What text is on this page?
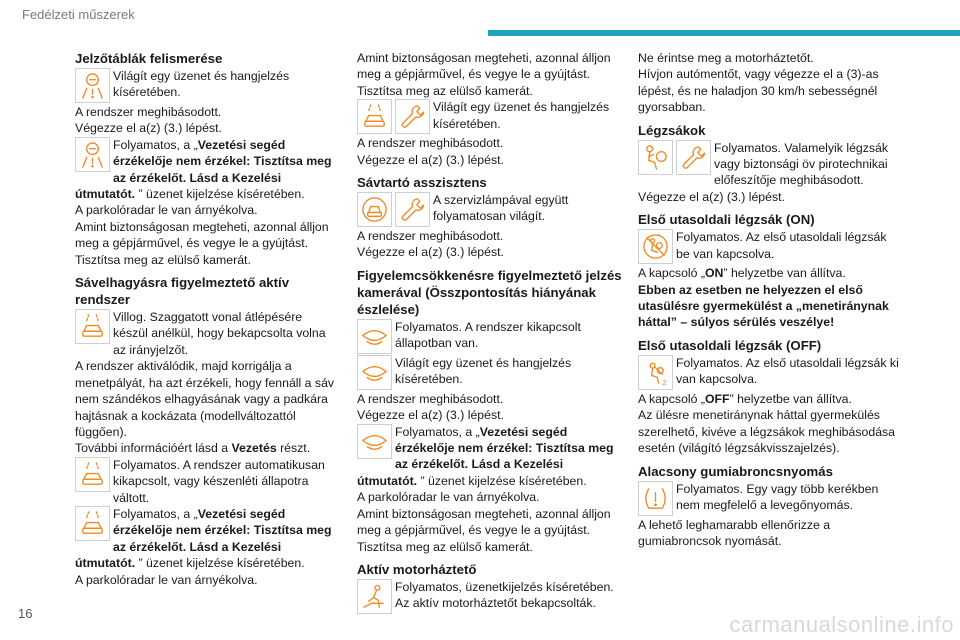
Fedélzeti műszerek
16	carmanualsonline.info
Jelzőtáblák felismerése
Világít egy üzenet és hangjelzés kíséretében.
A rendszer meghibásodott.
Végezze el a(z) (3.) lépést.
Folyamatos, a „Vezetési segéd érzékelője nem érzékel: Tisztítsa meg az érzékelőt. Lásd a Kezelési útmutatót. ” üzenet kijelzése kíséretében.
A parkolóradar le van árnyékolva.
Amint biztonságosan megteheti, azonnal álljon meg a gépjárművel, és vegye le a gyújtást.
Tisztítsa meg az elülső kamerát.
Sávelhagyásra figyelmeztető aktív rendszer
Villog. Szaggatott vonal átlépésére készül anélkül, hogy bekapcsolta volna az irányjelzőt.
A rendszer aktiválódik, majd korrigálja a menetpályát, ha azt érzékeli, hogy fennáll a sáv nem szándékos elhagyásának vagy a padkára hajtásnak a kockázata (modellváltozattól függően).
További információért lásd a Vezetés részt.
Folyamatos. A rendszer automatikusan kikapcsolt, vagy készenléti állapotra váltott.
Folyamatos, a „Vezetési segéd érzékelője nem érzékel: Tisztítsa meg az érzékelőt. Lásd a Kezelési útmutatót. ” üzenet kijelzése kíséretében.
A parkolóradar le van árnyékolva.
Amint biztonságosan megteheti, azonnal álljon meg a gépjárművel, és vegye le a gyújtást.
Tisztítsa meg az elülső kamerát.
Világít egy üzenet és hangjelzés kíséretében.
A rendszer meghibásodott.
Végezze el a(z) (3.) lépést.
Sávtartó asszisztens
A szervizlámpával együtt folyamatosan világít.
A rendszer meghibásodott.
Végezze el a(z) (3.) lépést.
Figyelemcsökkenésre figyelmeztető jelzés kamerával (Összpontosítás hiányának észlelése)
Folyamatos. A rendszer kikapcsolt állapotban van.
Világít egy üzenet és hangjelzés kíséretében.
A rendszer meghibásodott.
Végezze el a(z) (3.) lépést.
Folyamatos, a „Vezetési segéd érzékelője nem érzékel: Tisztítsa meg az érzékelőt. Lásd a Kezelési útmutatót. ” üzenet kijelzése kíséretében.
A parkolóradar le van árnyékolva.
Amint biztonságosan megteheti, azonnal álljon meg a gépjárművel, és vegye le a gyújtást.
Tisztítsa meg az elülső kamerát.
Aktív motorháztető
Folyamatos, üzenetkijelzés kíséretében. Az aktív motorháztetőt bekapcsolták.
Ne érintse meg a motorháztetőt.
Hívjon autómentőt, vagy végezze el a (3)-as lépést, és ne haladjon 30 km/h sebességnél gyorsabban.
Légzsákok
Folyamatos. Valamelyik légzsák vagy biztonsági öv pirotechnikai előfeszítője meghibásodott.
Végezze el a(z) (3.) lépést.
Első utasoldali légzsák (ON)
Folyamatos. Az első utasoldali légzsák be van kapcsolva.
A kapcsoló „ON” helyzetbe van állítva.
Ebben az esetben ne helyezzen el első utasülésre gyermekülést a „menetiránynak háttal” – súlyos sérülés veszélye!
Első utasoldali légzsák (OFF)
2
Folyamatos. Az első utasoldali légzsák ki van kapcsolva.
A kapcsoló „OFF” helyzetbe van állítva.
Az ülésre menetiránynak háttal gyermekülés szerelhető, kivéve a légzsákok meghibásodása esetén (világító légzsákvisszajelzés).
Alacsony gumiabroncsnyomás
Folyamatos. Egy vagy több kerékben nem megfelelő a levegőnyomás.
A lehető leghamarabb ellenőrizze a gumiabroncsok nyomását.
